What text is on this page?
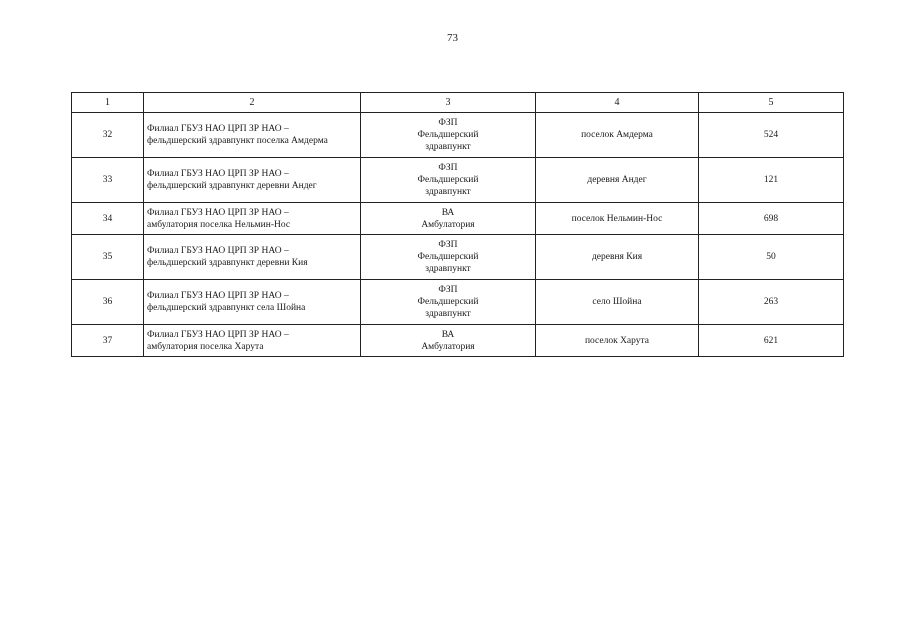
73
1	2	3	4	5
32	Филиал ГБУЗ НАО ЦРП ЗР НАО –
фельдшерский здравпункт поселка Амдерма	ФЗП
Фельдшерский
здравпункт	поселок Амдерма	524
33	Филиал ГБУЗ НАО ЦРП ЗР НАО –
фельдшерский здравпункт деревни Андег	ФЗП
Фельдшерский
здравпункт	деревня Андег	121
34	Филиал ГБУЗ НАО ЦРП ЗР НАО –
амбулатория поселка Нельмин-Нос	ВА
Амбулатория	поселок Нельмин-Нос	698
35	Филиал ГБУЗ НАО ЦРП ЗР НАО –
фельдшерский здравпункт деревни Кия	ФЗП
Фельдшерский
здравпункт	деревня Кия	50
36	Филиал ГБУЗ НАО ЦРП ЗР НАО –
фельдшерский здравпункт села Шойна	ФЗП
Фельдшерский
здравпункт	село Шойна	263
37	Филиал ГБУЗ НАО ЦРП ЗР НАО –
амбулатория поселка Харута	ВА
Амбулатория	поселок Харута	621
